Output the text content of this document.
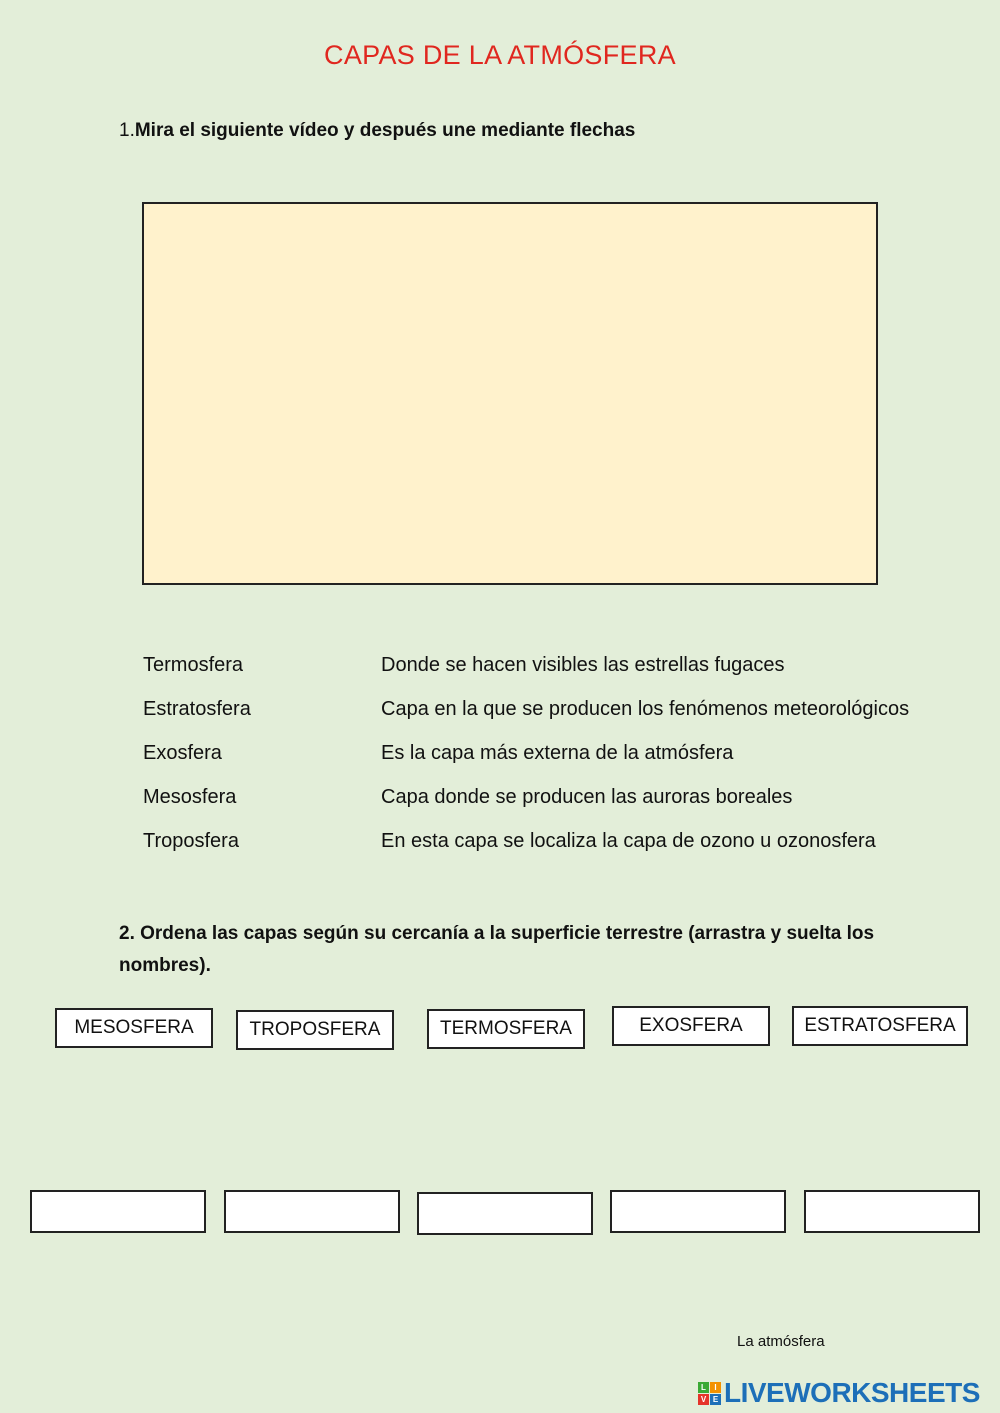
CAPAS DE LA ATMÓSFERA
1.Mira el siguiente vídeo y después une mediante flechas
Termosfera	Donde se hacen visibles las estrellas fugaces
Estratosfera	Capa en la que se producen los fenómenos meteorológicos
Exosfera	Es la capa más externa de la atmósfera
Mesosfera	Capa donde se producen las auroras boreales
Troposfera	En esta capa se localiza la capa de ozono u ozonosfera
2. Ordena las capas según su cercanía a la superficie terrestre (arrastra y suelta los nombres).
MESOSFERA	TROPOSFERA	TERMOSFERA	EXOSFERA	ESTRATOSFERA
La atmósfera
L	I
V E LIVEWORKSHEETS
